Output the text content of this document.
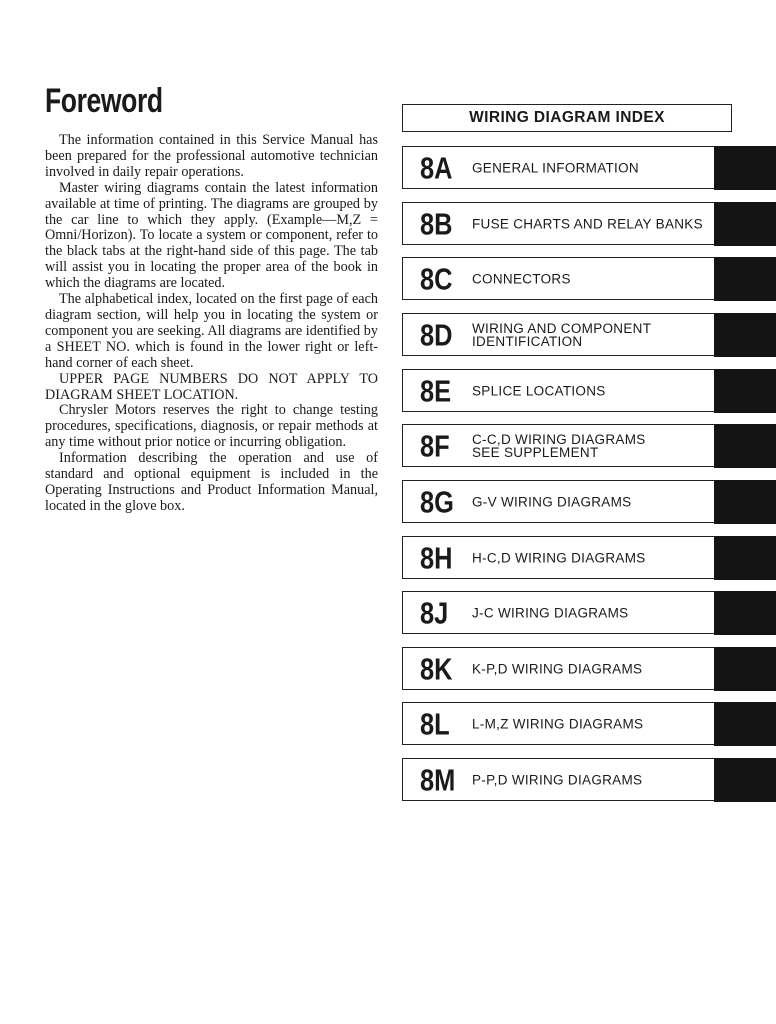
Foreword

The information contained in this Service Manual has been prepared for the professional automotive technician involved in daily repair operations.

Master wiring diagrams contain the latest information available at time of printing. The diagrams are grouped by the car line to which they apply. (Example—M,Z = Omni/Horizon). To locate a system or component, refer to the black tabs at the right-hand side of this page. The tab will assist you in locating the proper area of the book in which the diagrams are located.

The alphabetical index, located on the first page of each diagram section, will help you in locating the system or component you are seeking. All diagrams are identified by a SHEET NO. which is found in the lower right or left-hand corner of each sheet.

UPPER PAGE NUMBERS DO NOT APPLY TO DIAGRAM SHEET LOCATION.

Chrysler Motors reserves the right to change testing procedures, specifications, diagnosis, or repair methods at any time without prior notice or incurring obligation.

Information describing the operation and use of standard and optional equipment is included in the Operating Instructions and Product Information Manual, located in the glove box.

WIRING DIAGRAM INDEX
8A GENERAL INFORMATION
8B FUSE CHARTS AND RELAY BANKS
8C CONNECTORS
8D WIRING AND COMPONENT
IDENTIFICATION
8E SPLICE LOCATIONS
8F C-C,D WIRING DIAGRAMS
SEE SUPPLEMENT
8G G-V WIRING DIAGRAMS
8H H-C,D WIRING DIAGRAMS
8J J-C WIRING DIAGRAMS
8K K-P,D WIRING DIAGRAMS
8L L-M,Z WIRING DIAGRAMS
8M P-P,D WIRING DIAGRAMS
